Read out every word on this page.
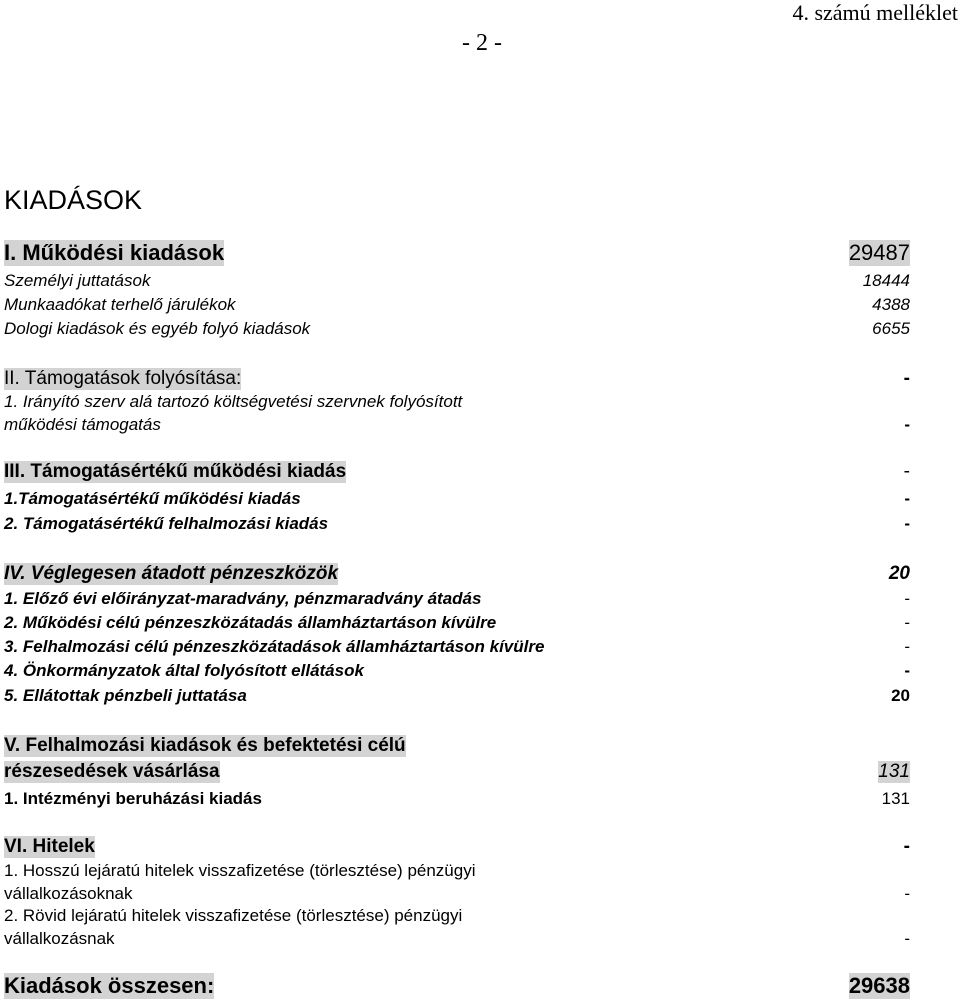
4. számú melléklet
- 2 -
KIADÁSOK
I. Működési kiadások	29487
Személyi juttatások	18444
Munkaadókat terhelő járulékok	4388
Dologi kiadások és egyéb folyó kiadások	6655
II. Támogatások folyósítása:	-
1. Irányító szerv alá tartozó költségvetési szervnek folyósított
működési támogatás	-
III. Támogatásértékű működési kiadás	-
1.Támogatásértékű működési kiadás	-
2. Támogatásértékű felhalmozási kiadás	-
IV. Véglegesen átadott pénzeszközök	20
1. Előző évi előirányzat-maradvány, pénzmaradvány átadás	-
2. Működési célú pénzeszközátadás államháztartáson kívülre	-
3. Felhalmozási célú pénzeszközátadások államháztartáson kívülre	-
4. Önkormányzatok által folyósított ellátások	-
5. Ellátottak pénzbeli juttatása	20
V. Felhalmozási kiadások és befektetési célú
részesedések vásárlása	131
1. Intézményi beruházási kiadás	131
VI. Hitelek	-
1. Hosszú lejáratú hitelek visszafizetése (törlesztése) pénzügyi
vállalkozásoknak	-
2. Rövid lejáratú hitelek visszafizetése (törlesztése) pénzügyi
vállalkozásnak	-
Kiadások összesen:	29638
